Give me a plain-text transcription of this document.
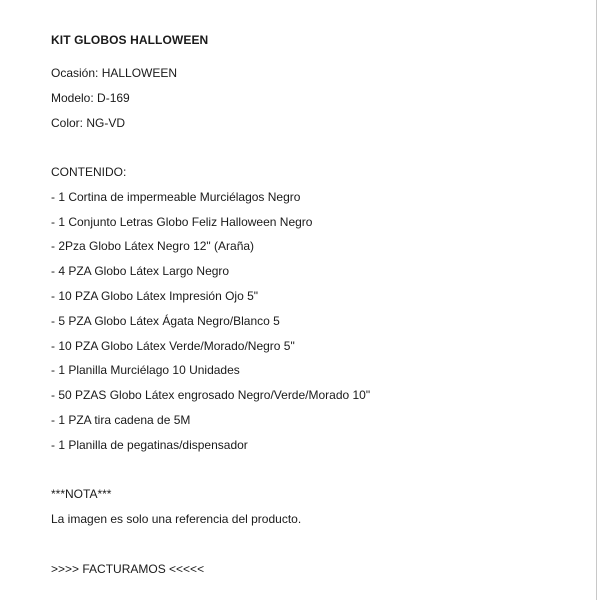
KIT GLOBOS HALLOWEEN
Ocasión: HALLOWEEN
Modelo: D-169
Color: NG-VD
CONTENIDO:
- 1 Cortina de impermeable Murciélagos Negro
- 1 Conjunto Letras Globo Feliz Halloween Negro
- 2Pza Globo Látex Negro 12" (Araña)
- 4 PZA Globo Látex Largo Negro
- 10 PZA Globo Látex Impresión Ojo 5"
- 5 PZA Globo Látex Ágata Negro/Blanco 5
- 10 PZA Globo Látex Verde/Morado/Negro 5"
- 1 Planilla Murciélago 10 Unidades
- 50 PZAS Globo Látex engrosado Negro/Verde/Morado 10"
- 1 PZA tira cadena de 5M
- 1 Planilla de pegatinas/dispensador
***NOTA***
La imagen es solo una referencia del producto.
>>>> FACTURAMOS <<<<<
